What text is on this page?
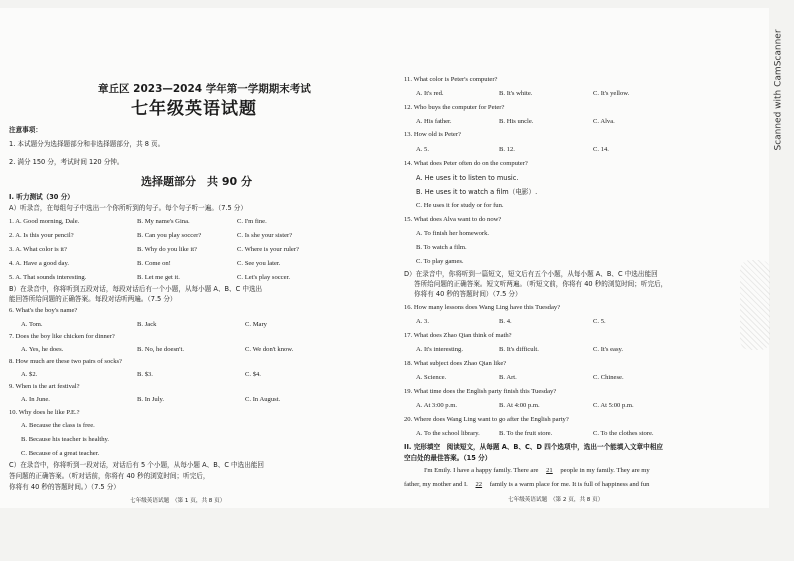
章丘区 2023—2024 学年第一学期期末考试
七年级英语试题
注意事项：
1. 本试题分为选择题部分和非选择题部分，共 8 页。
2. 满分 150 分，考试时间 120 分钟。
选择题部分　共 90 分
I. 听力测试（30 分）
A）听录音，在每组句子中选出一个你所听到的句子。每个句子听一遍。（7.5 分）
1. A. Good morning, Dale.	B. My name's Gina.	C. I'm fine.
2. A. Is this your pencil?	B. Can you play soccer?	C. Is she your sister?
3. A. What color is it?	B. Why do you like it?	C. Where is your ruler?
4. A. Have a good day.	B. Come on!	C. See you later.
5. A. That sounds interesting.	B. Let me get it.	C. Let's play soccer.
B）在录音中，你将听到五段对话，每段对话后有一个小题，从每小题 A、B、C 中选出
能回答所给问题的正确答案。每段对话听两遍。（7.5 分）
6. What's the boy's name?
A. Tom.	B. Jack	C. Mary
7. Does the boy like chicken for dinner?
A. Yes, he does.	B. No, he doesn't.	C. We don't know.
8. How much are these two pairs of socks?
A. $2.	B. $3.	C. $4.
9. When is the art festival?
A. In June.	B. In July.	C. In August.
10. Why does he like P.E.?
A. Because the class is free.
B. Because his teacher is healthy.
C. Because of a great teacher.
C）在录音中，你将听到一段对话，对话后有 5 个小题，从每小题 A、B、C 中选出能回
答问题的正确答案。（听对话前，你将有 40 秒的浏览时间；听完后，
你将有 40 秒的答题时间。）（7.5 分）
七年级英语试题　（第 1 页，共 8 页）
11. What color is Peter's computer?
A. It's red.	B. It's white.	C. It's yellow.
12. Who buys the computer for Peter?
A. His father.	B. His uncle.	C. Alva.
13. How old is Peter?
A. 5.	B. 12.	C. 14.
14. What does Peter often do on the computer?
A. He uses it to listen to music.
B. He uses it to watch a film（电影）.
C. He uses it for study or for fun.
15. What does Alva want to do now?
A. To finish her homework.
B. To watch a film.
C. To play games.
D）在录音中，你将听到一篇短文，短文后有五个小题，从每小题 A、B、C 中选出能回
答所给问题的正确答案。短文听两遍。（听短文前，你将有 40 秒的浏览时间；听完后，
你将有 40 秒的答题时间）（7.5 分）
16. How many lessons does Wang Ling have this Tuesday?
A. 3.	B. 4.	C. 5.
17. What does Zhao Qian think of math?
A. It's interesting.	B. It's difficult.	C. It's easy.
18. What subject does Zhao Qian like?
A. Science.	B. Art.	C. Chinese.
19. What time does the English party finish this Tuesday?
A. At 3:00 p.m.	B. At 4:00 p.m.	C. At 5:00 p.m.
20. Where does Wang Ling want to go after the English party?
A. To the school library.	B. To the fruit store.	C. To the clothes store.
II. 完形填空　阅读短文，从每题 A、B、C、D 四个选项中，选出一个能填入文章中相应
空白处的最佳答案。（15 分）
I'm Emily. I have a happy family. There are 21 people in my family. They are my
father, my mother and I. 22 family is a warm place for me. It is full of happiness and fun
七年级英语试题　（第 2 页，共 8 页）
Scanned with CamScanner
